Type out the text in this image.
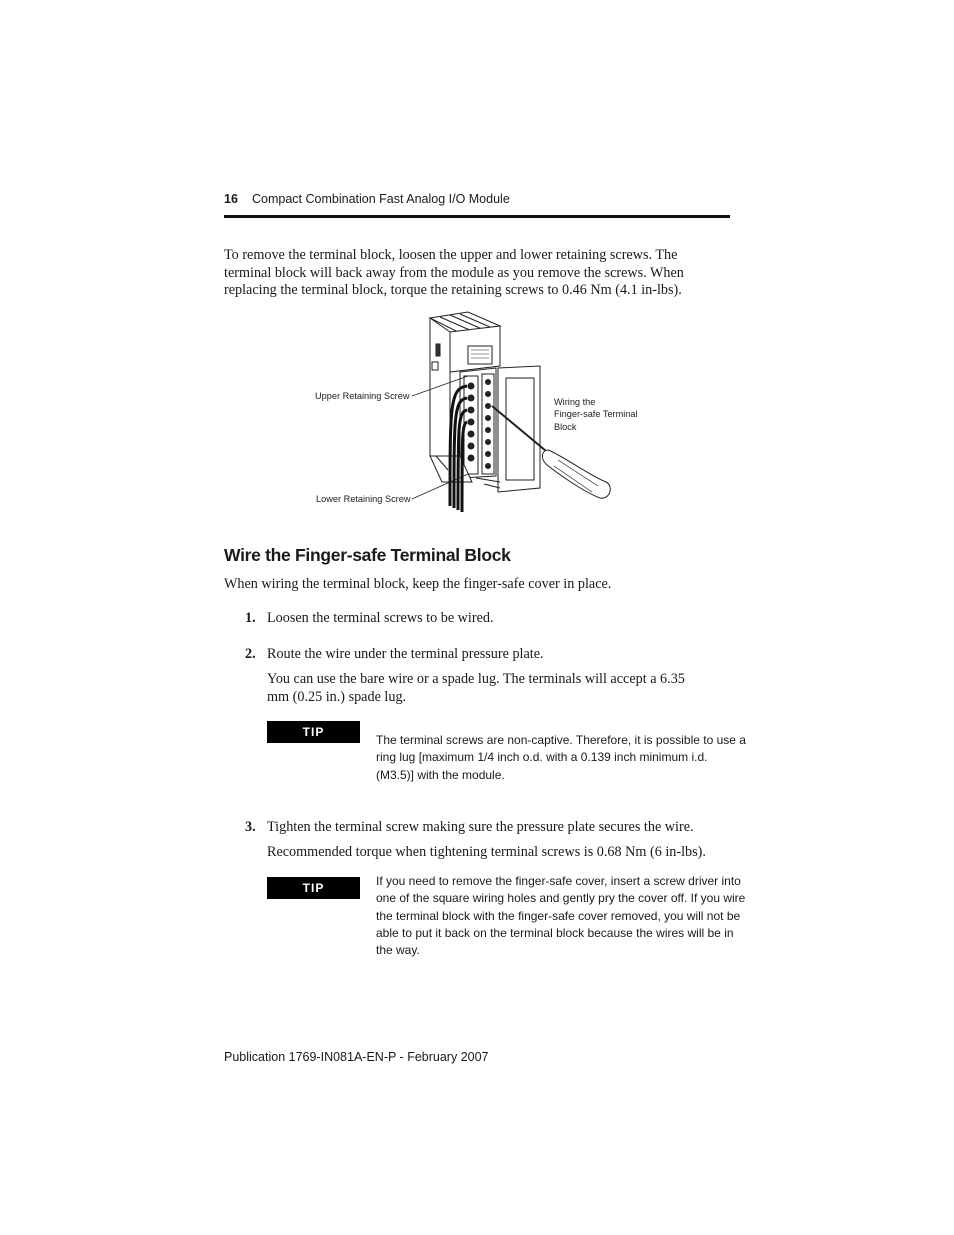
16 Compact Combination Fast Analog I/O Module
To remove the terminal block, loosen the upper and lower retaining screws. The
terminal block will back away from the module as you remove the screws. When
replacing the terminal block, torque the retaining screws to 0.46 Nm (4.1 in-lbs).
Upper Retaining Screw
Lower Retaining Screw
Wiring the
Finger-safe Terminal
Block
Wire the Finger-safe Terminal Block
When wiring the terminal block, keep the finger-safe cover in place.
1. Loosen the terminal screws to be wired.
2. Route the wire under the terminal pressure plate.
You can use the bare wire or a spade lug. The terminals will accept a 6.35
mm (0.25 in.) spade lug.
TIP
The terminal screws are non-captive. Therefore, it is possible to use a
ring lug [maximum 1/4 inch o.d. with a 0.139 inch minimum i.d.
(M3.5)] with the module.
3. Tighten the terminal screw making sure the pressure plate secures the wire.
Recommended torque when tightening terminal screws is 0.68 Nm (6 in-lbs).
TIP	If you need to remove the finger-safe cover, insert a screw driver into
one of the square wiring holes and gently pry the cover off. If you wire
the terminal block with the finger-safe cover removed, you will not be
able to put it back on the terminal block because the wires will be in
the way.
Publication 1769-IN081A-EN-P - February 2007
